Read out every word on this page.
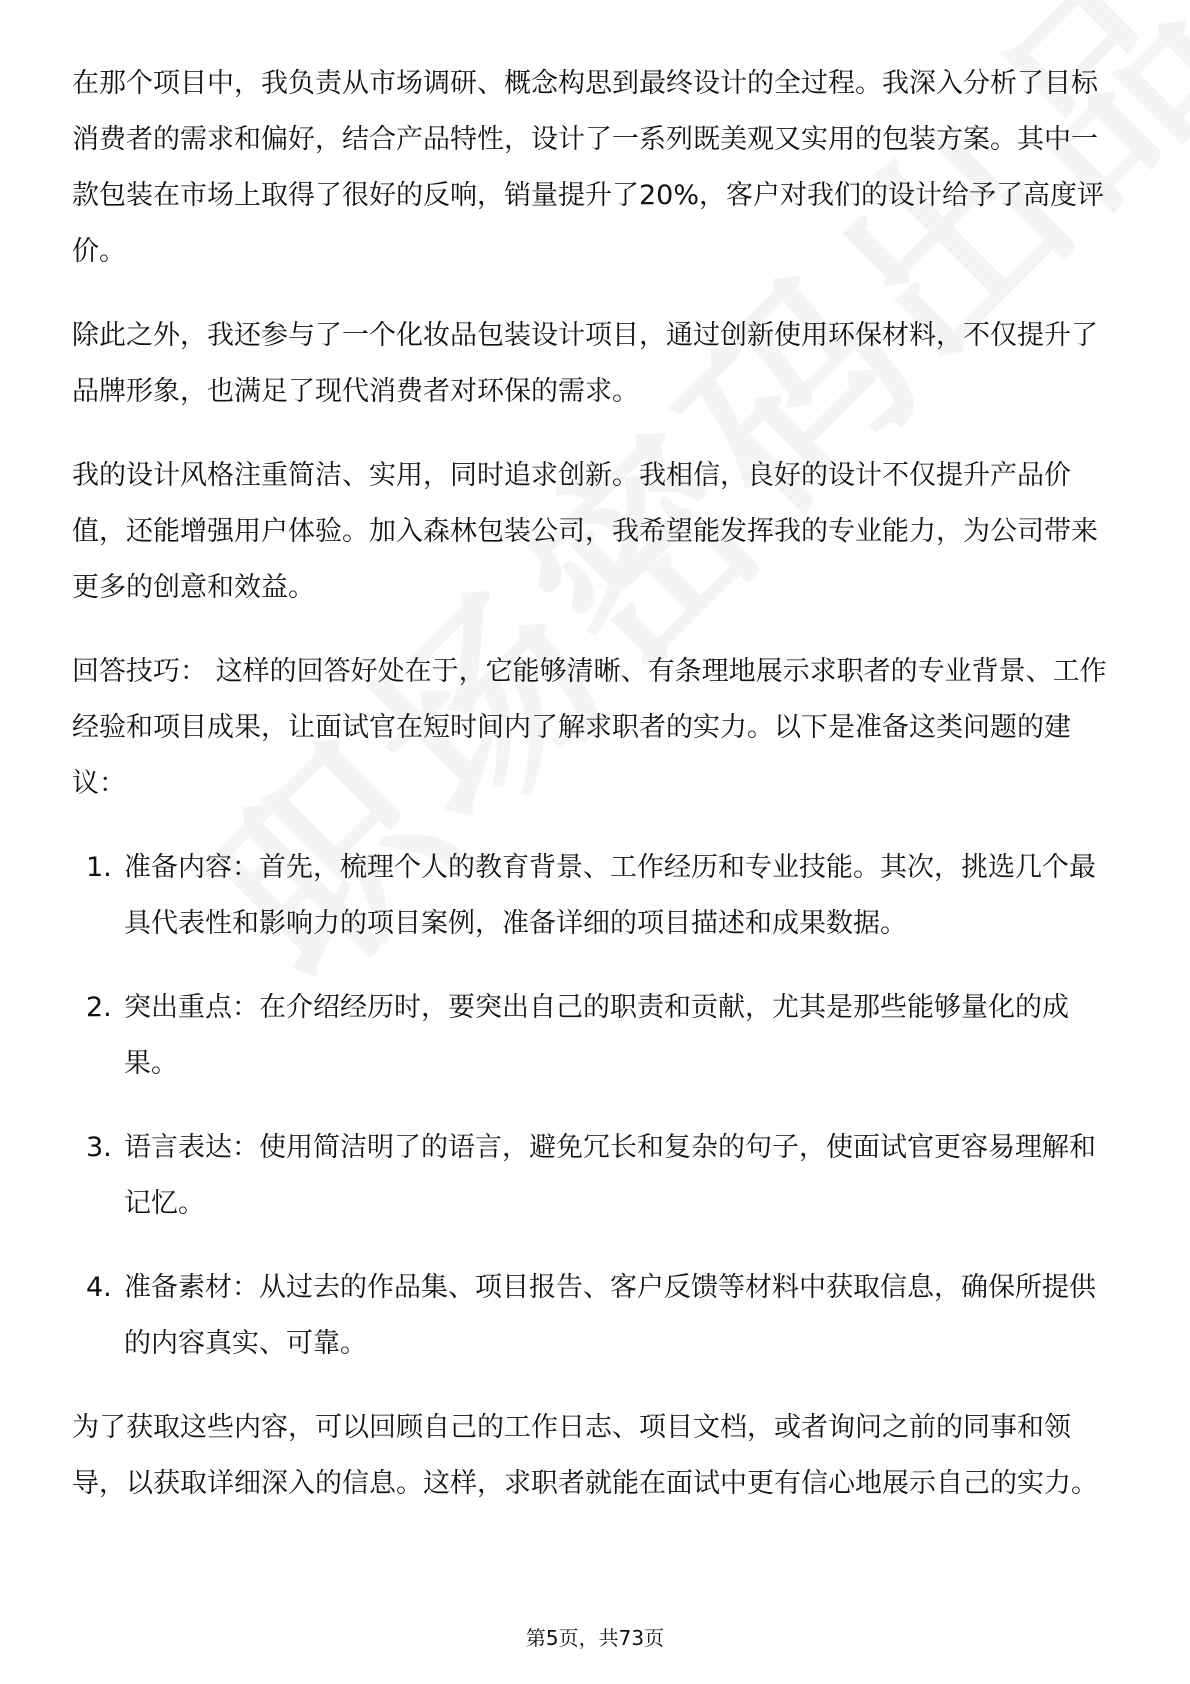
在那个项目中，我负责从市场调研、概念构思到最终设计的全过程。我深入分析了目标消费者的需求和偏好，结合产品特性，设计了一系列既美观又实用的包装方案。其中一款包装在市场上取得了很好的反响，销量提升了20%，客户对我们的设计给予了高度评价。

除此之外，我还参与了一个化妆品包装设计项目，通过创新使用环保材料，不仅提升了品牌形象，也满足了现代消费者对环保的需求。

我的设计风格注重简洁、实用，同时追求创新。我相信，良好的设计不仅提升产品价值，还能增强用户体验。加入森林包装公司，我希望能发挥我的专业能力，为公司带来更多的创意和效益。

回答技巧： 这样的回答好处在于，它能够清晰、有条理地展示求职者的专业背景、工作经验和项目成果，让面试官在短时间内了解求职者的实力。以下是准备这类问题的建议：

1. 准备内容：首先，梳理个人的教育背景、工作经历和专业技能。其次，挑选几个最具代表性和影响力的项目案例，准备详细的项目描述和成果数据。
2. 突出重点：在介绍经历时，要突出自己的职责和贡献，尤其是那些能够量化的成果。
3. 语言表达：使用简洁明了的语言，避免冗长和复杂的句子，使面试官更容易理解和记忆。
4. 准备素材：从过去的作品集、项目报告、客户反馈等材料中获取信息，确保所提供的内容真实、可靠。

为了获取这些内容，可以回顾自己的工作日志、项目文档，或者询问之前的同事和领导，以获取详细深入的信息。这样，求职者就能在面试中更有信心地展示自己的实力。

第5页，共73页
